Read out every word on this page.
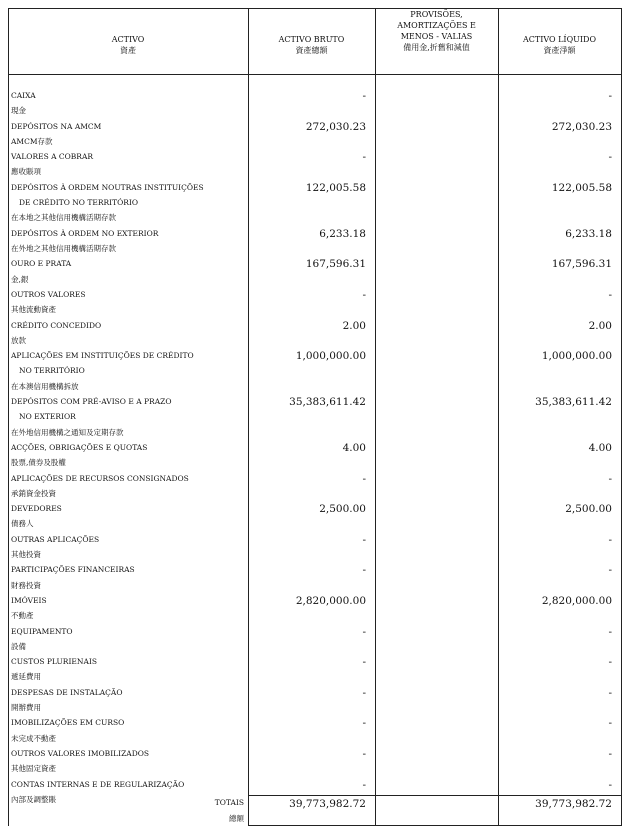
ACTIVO
資產
ACTIVO BRUTO
資產總額
PROVISÕES,
AMORTIZAÇÕES E
MENOS - VALIAS
備用金,折舊和減值
ACTIVO LÍQUIDO
資產淨額
CAIXA
現金
-	-
DEPÓSITOS NA AMCM
AMCM存款
272,030.23	272,030.23
VALORES A COBRAR
應收賬項
-	-
DEPÓSITOS À ORDEM NOUTRAS INSTITUIÇÕES
DE CRÉDITO NO TERRITÓRIO
在本地之其他信用機構活期存款
122,005.58	122,005.58
DEPÓSITOS À ORDEM NO EXTERIOR
在外地之其他信用機構活期存款
6,233.18	6,233.18
OURO E PRATA
金,銀
167,596.31	167,596.31
OUTROS VALORES
其他流動資產
-	-
CRÉDITO CONCEDIDO
放款
2.00	2.00
APLICAÇÕES EM INSTITUIÇÕES DE CRÉDITO
NO TERRITÓRIO
在本澳信用機構拆放
1,000,000.00	1,000,000.00
DEPÓSITOS COM PRÉ-AVISO E A PRAZO
NO EXTERIOR
在外地信用機構之通知及定期存款
35,383,611.42	35,383,611.42
ACÇÕES, OBRIGAÇÕES E QUOTAS
股票,債券及股權
4.00	4.00
APLICAÇÕES DE RECURSOS CONSIGNADOS
承銷資金投資
-	-
DEVEDORES
債務人
2,500.00	2,500.00
OUTRAS APLICAÇÕES
其他投資
-	-
PARTICIPAÇÕES FINANCEIRAS
財務投資
-	-
IMÓVEIS
不動產
2,820,000.00	2,820,000.00
EQUIPAMENTO
設備
-	-
CUSTOS PLURIENAIS
遞延費用
-	-
DESPESAS DE INSTALAÇÃO
開辦費用
-	-
IMOBILIZAÇÕES EM CURSO
未完成不動產
-	-
OUTROS VALORES IMOBILIZADOS
其他固定資產
-	-
CONTAS INTERNAS E DE REGULARIZAÇÃO
內部及調整賬
-	-
TOTAIS
總額
39,773,982.72	39,773,982.72
